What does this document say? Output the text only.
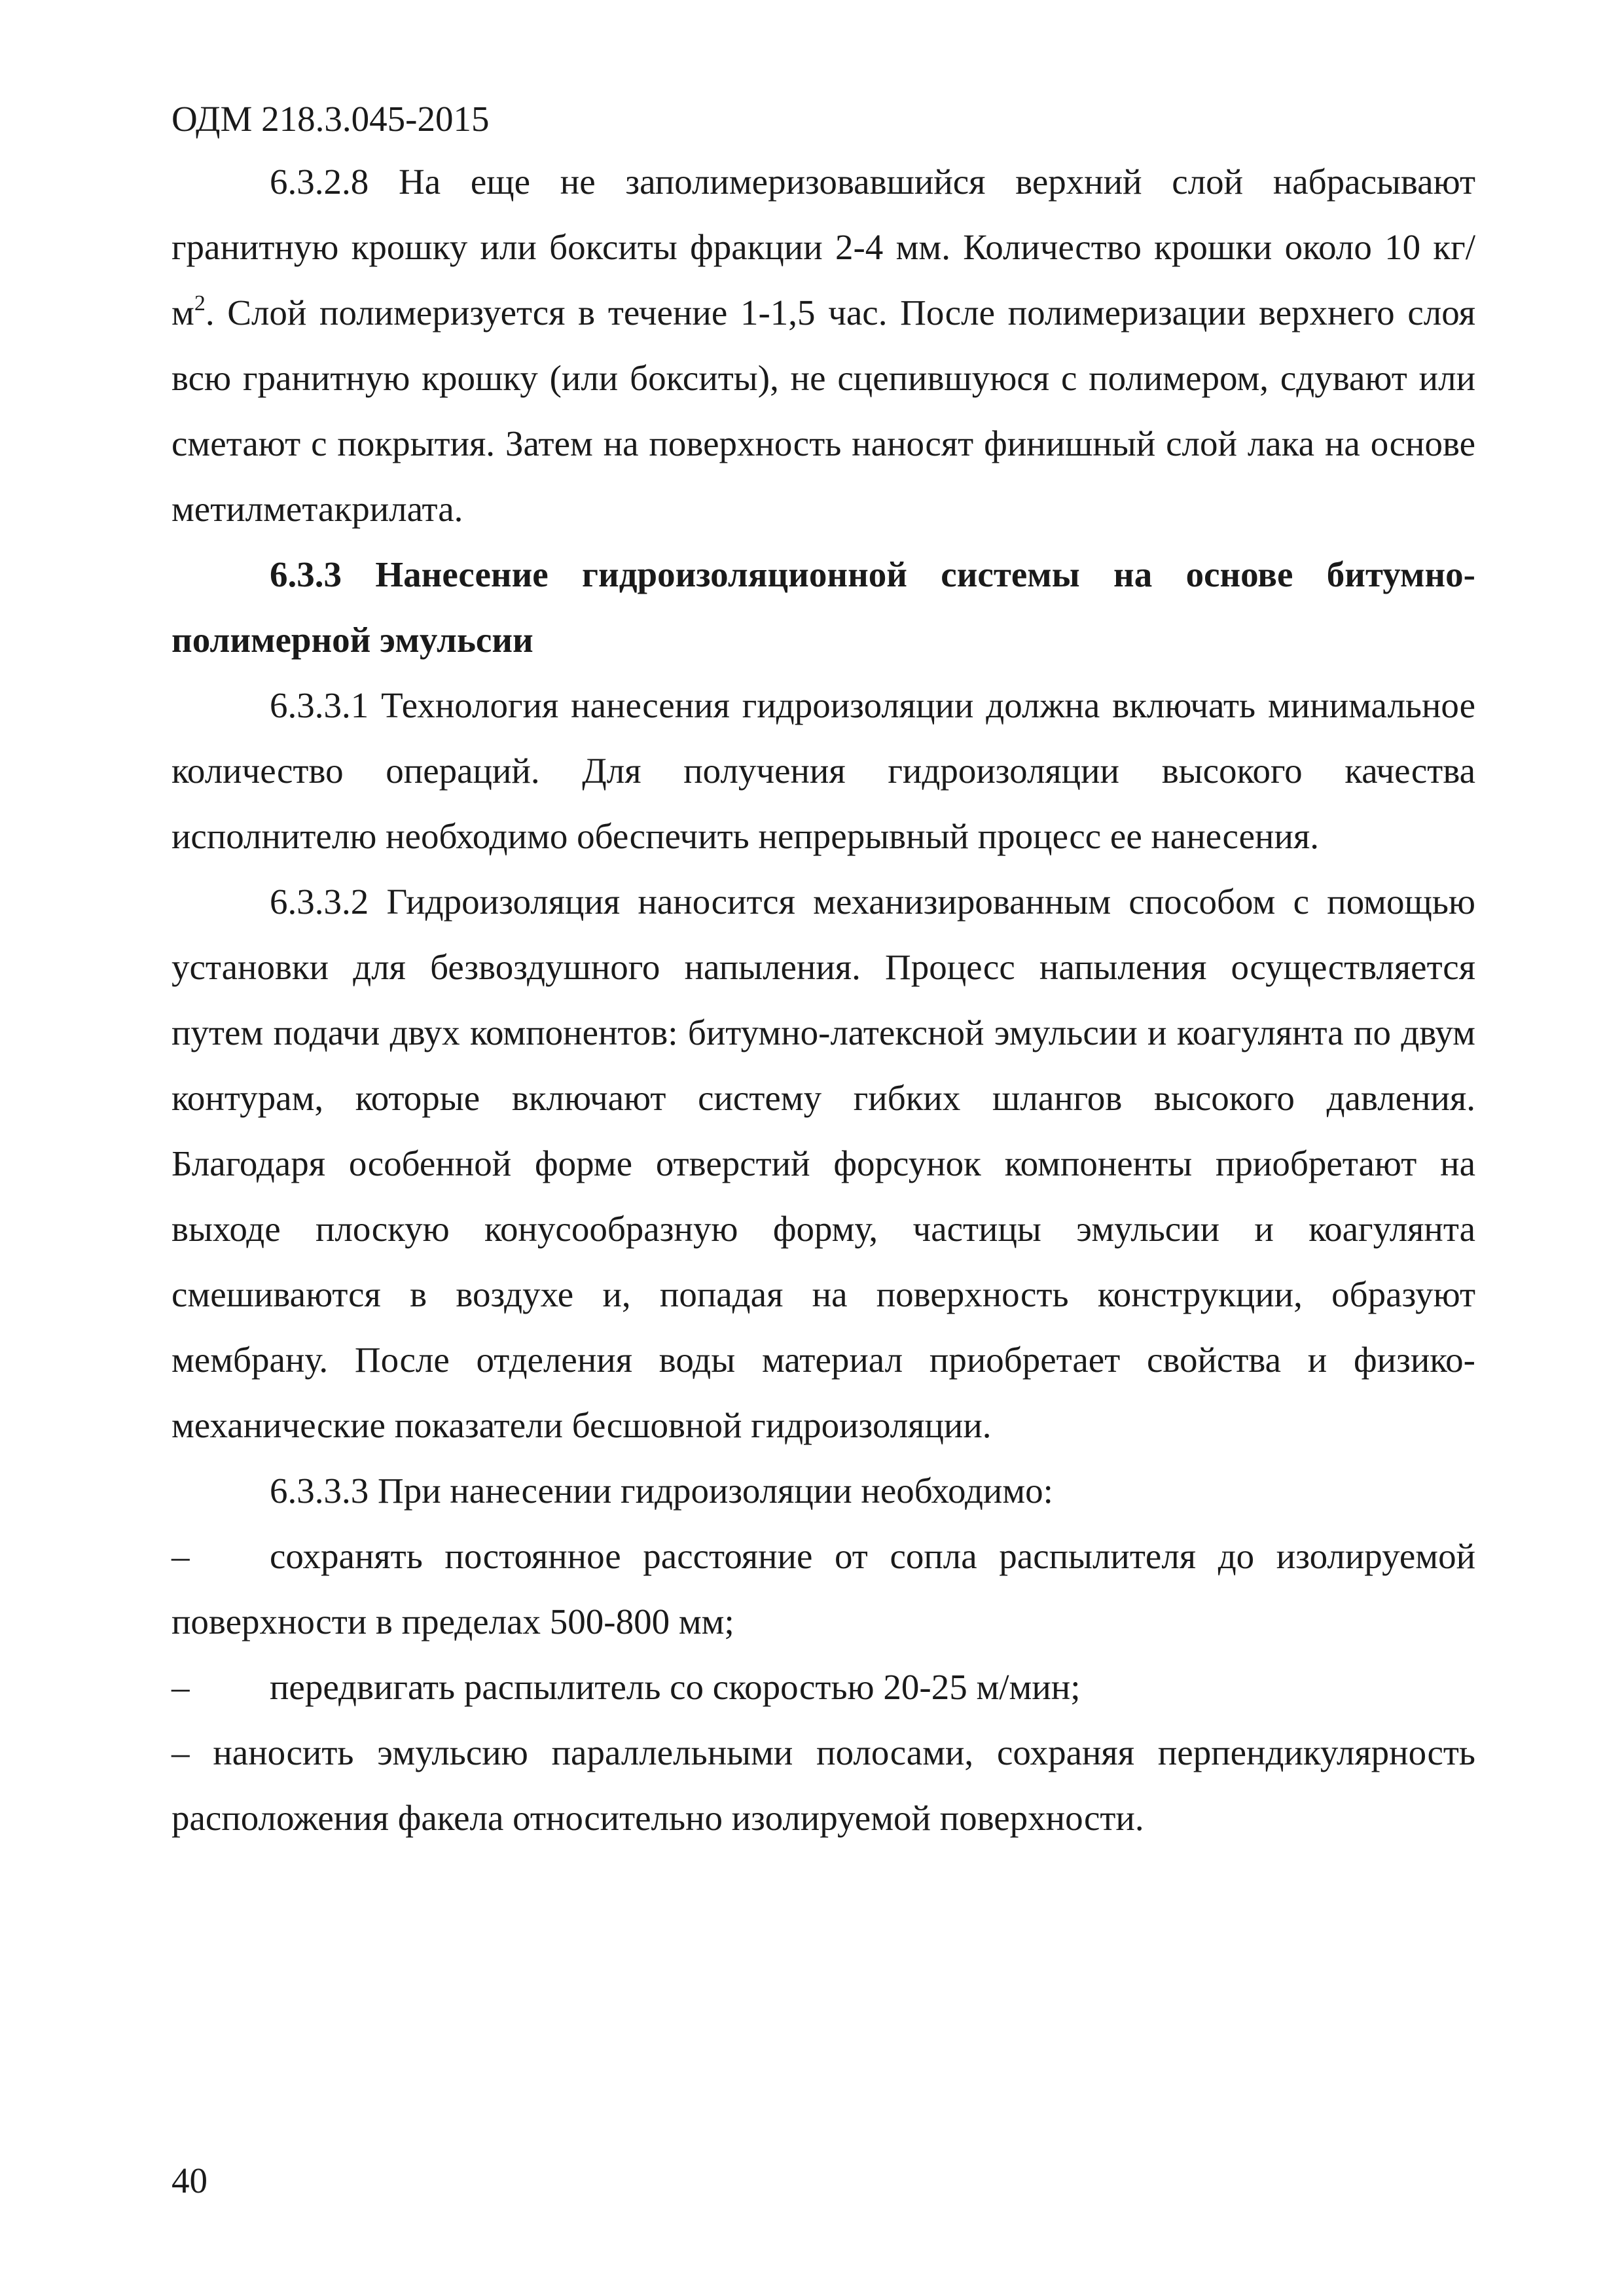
ОДМ 218.3.045-2015

6.3.2.8 На еще не заполимеризовавшийся верхний слой набрасывают гранитную крошку или бокситы фракции 2-4 мм. Количество крошки около 10 $кг/м^2$. Слой полимеризуется в течение 1-1,5 час. После полимеризации верхнего слоя всю гранитную крошку (или бокситы), не сцепившуюся с полимером, сдувают или сметают с покрытия. Затем на поверхность наносят финишный слой лака на основе метилметакрилата.

6.3.3 Нанесение гидроизоляционной системы на основе битумно-полимерной эмульсии

6.3.3.1 Технология нанесения гидроизоляции должна включать минимальное количество операций. Для получения гидроизоляции высокого качества исполнителю необходимо обеспечить непрерывный процесс ее нанесения.

6.3.3.2 Гидроизоляция наносится механизированным способом с помощью установки для безвоздушного напыления. Процесс напыления осуществляется путем подачи двух компонентов: битумно-латексной эмульсии и коагулянта по двум контурам, которые включают систему гибких шлангов высокого давления. Благодаря особенной форме отверстий форсунок компоненты приобретают на выходе плоскую конусообразную форму, частицы эмульсии и коагулянта смешиваются в воздухе и, попадая на поверхность конструкции, образуют мембрану. После отделения воды материал приобретает свойства и физико-механические показатели бесшовной гидроизоляции.

6.3.3.3 При нанесении гидроизоляции необходимо:

– сохранять постоянное расстояние от сопла распылителя до изолируемой поверхности в пределах 500-800 мм;

– передвигать распылитель со скоростью 20-25 м/мин;

– наносить эмульсию параллельными полосами, сохраняя перпендикулярность расположения факела относительно изолируемой поверхности.

40
